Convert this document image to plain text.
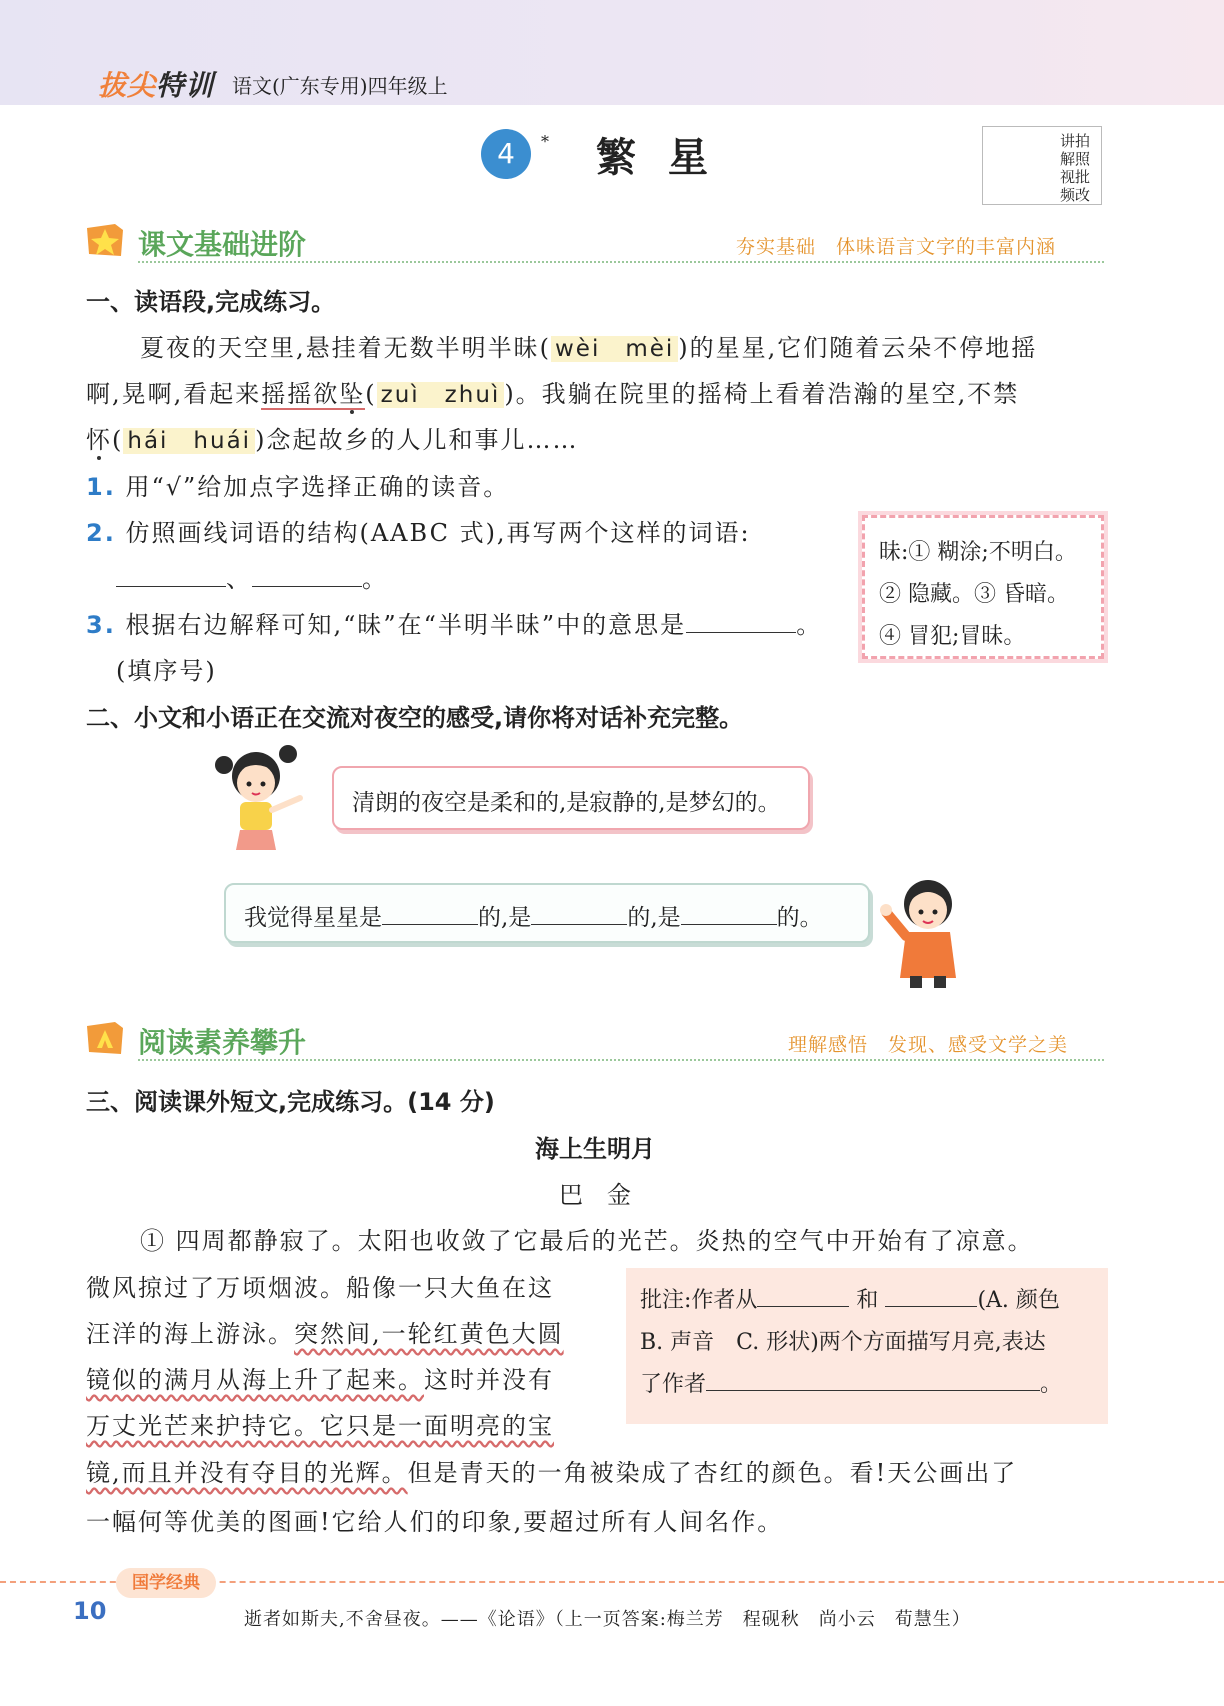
拔尖特训 语文(广东专用)四年级上
4	* 繁星	讲拍
解照
视批
频改
课文基础进阶	夯实基础　体味语言文字的丰富内涵
一、读语段,完成练习。
夏夜的天空里,悬挂着无数半明半昧( wèi　mèi )的星星,它们随着云朵不停地摇
啊,晃啊,看起来摇摇欲坠( zuì　zhuì )。我躺在院里的摇椅上看着浩瀚的星空,不禁
怀( hái　huái )念起故乡的人儿和事儿……
1. 用“√”给加点字选择正确的读音。
2. 仿照画线词语的结构(AABC 式),再写两个这样的词语:
、	。
3. 根据右边解释可知,“昧”在“半明半昧”中的意思是	。
(填序号)
昧:① 糊涂;不明白。
② 隐藏。③ 昏暗。
④ 冒犯;冒昧。
二、小文和小语正在交流对夜空的感受,请你将对话补充完整。
清朗的夜空是柔和的,是寂静的,是梦幻的。
我觉得星星是	的,是	的,是	的。
阅读素养攀升	理解感悟　发现、感受文学之美
三、阅读课外短文,完成练习。(14 分)
海上生明月
巴　金
① 四周都静寂了。太阳也收敛了它最后的光芒。炎热的空气中开始有了凉意。
微风掠过了万顷烟波。船像一只大鱼在这
汪洋的海上游泳。突然间,一轮红黄色大圆
镜似的满月从海上升了起来。这时并没有
万丈光芒来护持它。它只是一面明亮的宝
镜,而且并没有夺目的光辉。但是青天的一角被染成了杏红的颜色。看!天公画出了
一幅何等优美的图画!它给人们的印象,要超过所有人间名作。
批注:作者从	和	(A. 颜色
B. 声音　C. 形状)两个方面描写月亮,表达
了作者	。
国学经典
10	逝者如斯夫,不舍昼夜。——《论语》（上一页答案:梅兰芳　程砚秋　尚小云　荀慧生）
